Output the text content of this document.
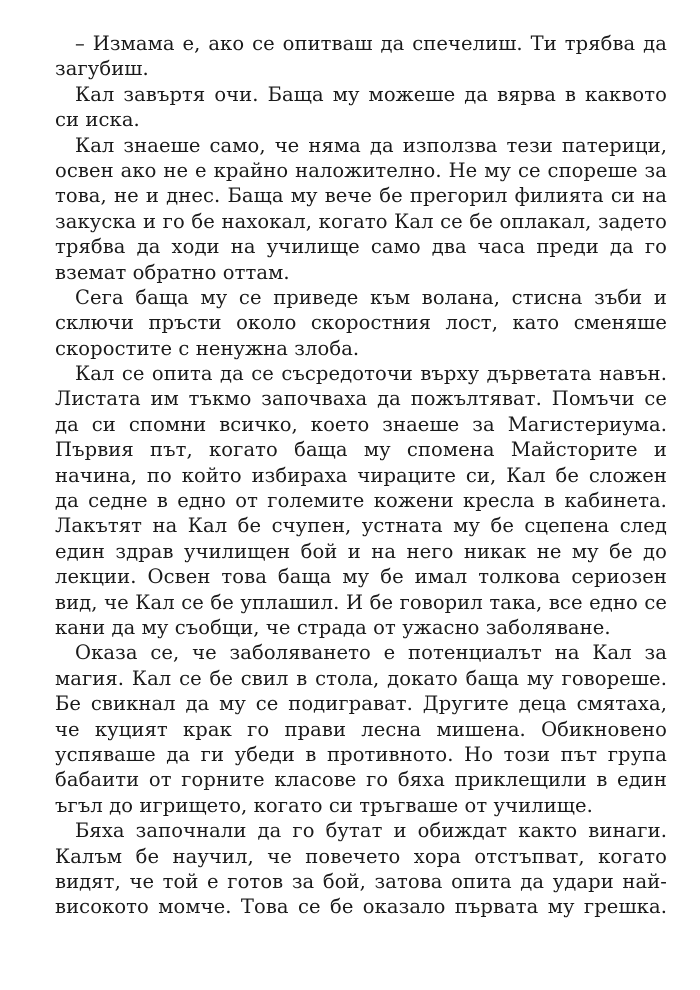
– Измама е, ако се опитваш да спечелиш. Ти трябва да
загубиш.
Кал завъртя очи. Баща му можеше да вярва в каквото
си иска.
Кал знаеше само, че няма да използва тези патерици,
освен ако не е крайно наложително. Не му се спореше за
това, не и днес. Баща му вече бе прегорил филията си на
закуска и го бе нахокал, когато Кал се бе оплакал, задето
трябва да ходи на училище само два часа преди да го
вземат обратно оттам.
Сега баща му се приведе към волана, стисна зъби и
сключи пръсти около скоростния лост, като сменяше
скоростите с ненужна злоба.
Кал се опита да се съсредоточи върху дърветата навън.
Листата им тъкмо започваха да пожълтяват. Помъчи се
да си спомни всичко, което знаеше за Магистериума.
Първия път, когато баща му спомена Майсторите и
начина, по който избираха чираците си, Кал бе сложен
да седне в едно от големите кожени кресла в кабинета.
Лакътят на Кал бе счупен, устната му бе сцепена след
един здрав училищен бой и на него никак не му бе до
лекции. Освен това баща му бе имал толкова сериозен
вид, че Кал се бе уплашил. И бе говорил така, все едно се
кани да му съобщи, че страда от ужасно заболяване.
Оказа се, че заболяването е потенциалът на Кал за
магия. Кал се бе свил в стола, докато баща му говореше.
Бе свикнал да му се подиграват. Другите деца смятаха,
че куцият крак го прави лесна мишена. Обикновено
успяваше да ги убеди в противното. Но този път група
бабаити от горните класове го бяха приклещили в един
ъгъл до игрището, когато си тръгваше от училище.
Бяха започнали да го бутат и обиждат както винаги.
Калъм бе научил, че повечето хора отстъпват, когато
видят, че той е готов за бой, затова опита да удари най-
високото момче. Това се бе оказало първата му грешка.
